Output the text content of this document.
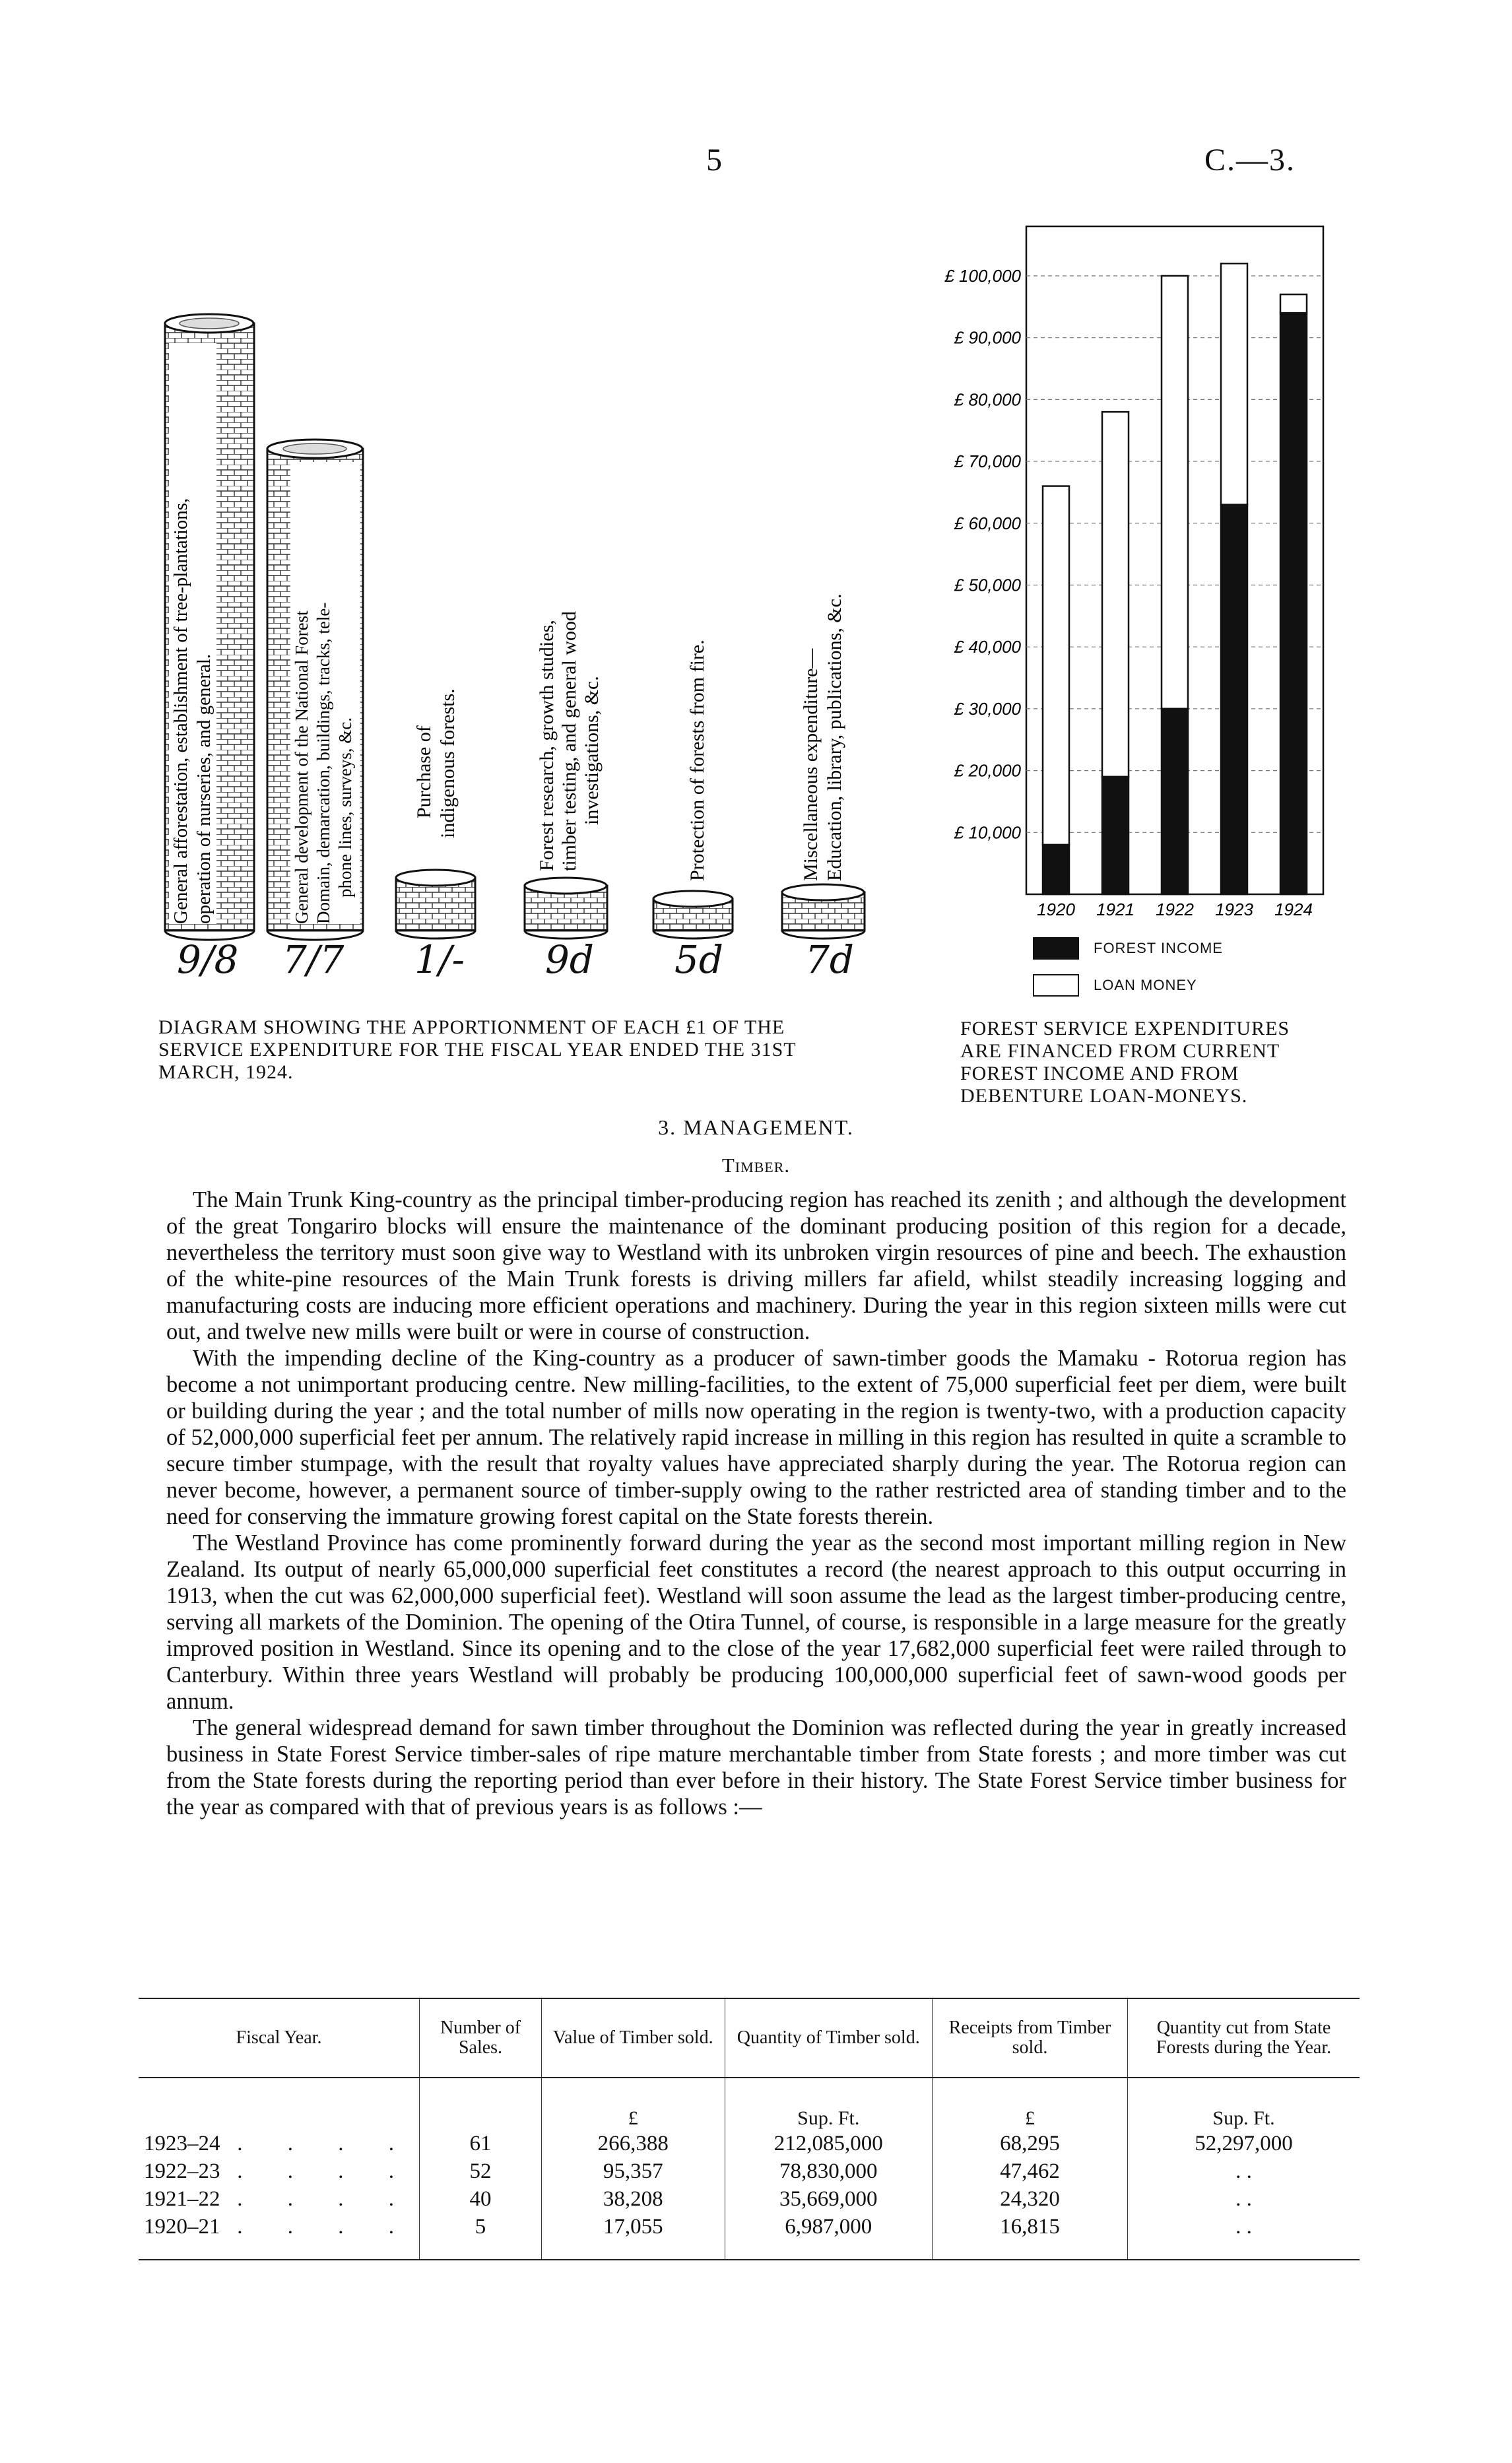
5	C.—3.
General afforestation, establishment of tree-plantations, operation of nurseries, and general.	General development of the National Forest Domain, demarcation, buildings, tracks, tele- phone lines, surveys, &c.	Purchase of indigenous forests.	Forest research, growth studies, timber testing, and general wood investigations, &c.	Protection of forests from fire.	Miscellaneous expenditure— Education, library, publications, &c.
9/8 7/7 1/- 9d 5d 7d
DIAGRAM SHOWING THE APPORTIONMENT OF EACH £1 OF THE SERVICE EXPENDITURE FOR THE FISCAL YEAR ENDED THE 31ST MARCH, 1924.
£ 10,000
£ 20,000
£ 30,000
£ 40,000
£ 50,000
£ 60,000
£ 70,000
£ 80,000
£ 90,000
£ 100,000
1920 1921 1922 1923 1924
FOREST INCOME
LOAN MONEY
FOREST SERVICE EXPENDITURES ARE FINANCED FROM CURRENT FOREST INCOME AND FROM DEBENTURE LOAN-MONEYS.
3. MANAGEMENT.
Timber.

The Main Trunk King-country as the principal timber-producing region has reached its zenith ; and although the development of the great Tongariro blocks will ensure the maintenance of the dominant producing position of this region for a decade, nevertheless the territory must soon give way to Westland with its unbroken virgin resources of pine and beech. The exhaustion of the white-pine resources of the Main Trunk forests is driving millers far afield, whilst steadily increasing logging and manufacturing costs are inducing more efficient operations and machinery. During the year in this region sixteen mills were cut out, and twelve new mills were built or were in course of construction.

With the impending decline of the King-country as a producer of sawn-timber goods the Mamaku - Rotorua region has become a not unimportant producing centre. New milling-facilities, to the extent of 75,000 superficial feet per diem, were built or building during the year ; and the total number of mills now operating in the region is twenty-two, with a production capacity of 52,000,000 superficial feet per annum. The relatively rapid increase in milling in this region has resulted in quite a scramble to secure timber stumpage, with the result that royalty values have appreciated sharply during the year. The Rotorua region can never become, however, a permanent source of timber-supply owing to the rather restricted area of standing timber and to the need for conserving the immature growing forest capital on the State forests therein.

The Westland Province has come prominently forward during the year as the second most important milling region in New Zealand. Its output of nearly 65,000,000 superficial feet constitutes a record (the nearest approach to this output occurring in 1913, when the cut was 62,000,000 superficial feet). Westland will soon assume the lead as the largest timber-producing centre, serving all markets of the Dominion. The opening of the Otira Tunnel, of course, is responsible in a large measure for the greatly improved position in Westland. Since its opening and to the close of the year 17,682,000 superficial feet were railed through to Canterbury. Within three years Westland will probably be producing 100,000,000 superficial feet of sawn-wood goods per annum.

The general widespread demand for sawn timber throughout the Dominion was reflected during the year in greatly increased business in State Forest Service timber-sales of ripe mature merchantable timber from State forests ; and more timber was cut from the State forests during the reporting period than ever before in their history. The State Forest Service timber business for the year as compared with that of previous years is as follows :—

Fiscal Year.	Number of Sales.	Value of Timber sold.	Quantity of Timber sold.	Receipts from Timber sold.	Quantity cut from State Forests during the Year.
		£	Sup. Ft.	£	Sup. Ft.
1923–24 . . . .	61	266,388	212,085,000	68,295	52,297,000
1922–23 . . . .	52	95,357	78,830,000	47,462	. .
1921–22 . . . .	40	38,208	35,669,000	24,320	. .
1920–21 . . . .	5	17,055	6,987,000	16,815	. .
